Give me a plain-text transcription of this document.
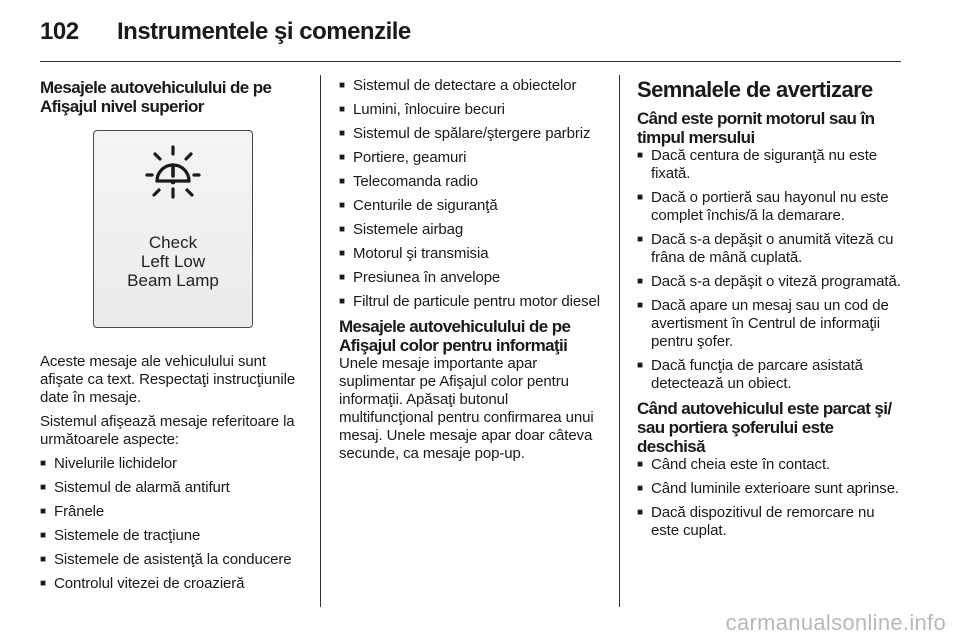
102 Instrumentele şi comenzile
Mesajele autovehiculului de pe Afişajul nivel superior
Check
Left Low
Beam Lamp

Aceste mesaje ale vehiculului sunt afişate ca text. Respectaţi instrucţiunile date în mesaje.

Sistemul afişează mesaje referitoare la următoarele aspecte:

■ Nivelurile lichidelor
■ Sistemul de alarmă antifurt
■ Frânele
■ Sistemele de tracţiune
■ Sistemele de asistenţă la conducere
■ Controlul vitezei de croazieră
■ Sistemul de detectare a obiectelor
■ Lumini, înlocuire becuri
■ Sistemul de spălare/ştergere parbriz
■ Portiere, geamuri
■ Telecomanda radio
■ Centurile de siguranţă
■ Sistemele airbag
■ Motorul şi transmisia
■ Presiunea în anvelope
■ Filtrul de particule pentru motor diesel
Mesajele autovehiculului de pe Afişajul color pentru informaţii

Unele mesaje importante apar suplimentar pe Afişajul color pentru informaţii. Apăsaţi butonul multifuncţional pentru confirmarea unui mesaj. Unele mesaje apar doar câteva secunde, ca mesaje pop-up.

Semnalele de avertizare
Când este pornit motorul sau în timpul mersului
■ Dacă centura de siguranţă nu este fixată.
■ Dacă o portieră sau hayonul nu este complet închis/ă la demarare.
■ Dacă s-a depăşit o anumită viteză cu frâna de mână cuplată.
■ Dacă s-a depăşit o viteză programată.
■ Dacă apare un mesaj sau un cod de avertisment în Centrul de informaţii pentru şofer.
■ Dacă funcţia de parcare asistată detectează un obiect.
Când autovehiculul este parcat şi/ sau portiera şoferului este deschisă
■ Când cheia este în contact.
■ Când luminile exterioare sunt aprinse.
■ Dacă dispozitivul de remorcare nu este cuplat.
carmanualsonline.info
